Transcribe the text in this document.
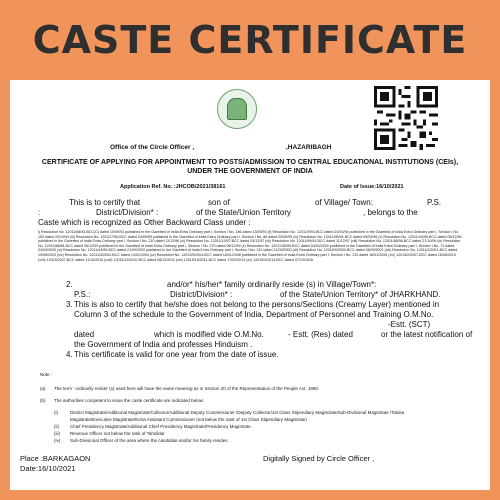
CASTE CERTIFICATE
Office of the Circle Officer ,	,HAZARIBAGH
CERTIFICATE OF APPLYING FOR APPOINTMENT TO POSTS/ADMISSION TO CENTRAL EDUCATIONAL INSTITUTIONS (CEIs), UNDER THE GOVERNMENT OF INDIA
Application Ref. No. :JHCOB/2021/38161	Date of Issue:16/10/2021
This is to certify that	son of	of Village/ Town:	P.S.
:	District/Division* :	of the State/Union Territory	, belongs to the
Caste which is recognized as Other Backward Class under :
i) Resolution No. 12011/68/93-BCC(C) dated 10/09/93 published in the Gazetted of India Extra Ordinary part I, Section I No. 186 dated 13/09/93 (ii) Resolution No. 12011/9/94-BCC dated 19/10/94 published in the Gazetted of India Extra Ordinary part I, Section I No. 163 dated 20/10/94 (iii) Resolution No. 12011/7/95-BCC dated 24/05/95 published in the Gazetted of India Extra Ordinary part I, Section I No. 88 dated 25/05/95 (iv) Resolution No. 12011/96/94-BCC dated 09/03/96 (v) Resolution No. 12011/44/96-BCC dated 05/12/96 published in the Gazetted of India Extra Ordinary part I, Section I No. 210 dated 11/12/96 (vi) Resolution No. 12011/13/97-BCC dated 03/12/97 (vii) Resolution No. 12011/99/94-BCC dated 11/12/97 (viii) Resolution No. 12011/68/98-BCC dated 27/10/99 (ix) Resolution No. 12011/88/98-BCC dated 06/12/99 published in the Gazetted of India Extra Ordinary part I, Section I No. 270 dated 06/12/99 (x) Resolution No. 12011/36/99-BCC dated 04/04/2000 published in the Gazetted of India Extra Ordinary part I, Section I No. 71 dated 04/04/2000 (xi) Resolution No. 12011/44/99-BCC dated 21/09/2000 published in the Gazetted of India Extra Ordinary part I, Section I No. 210 dated 21/09/2000 (xii) Resolution No. 12015/9/2000-BCC dated 06/09/2001 (xiii) Resolution No. 12011/1/2001-BCC dated 19/06/2003 (xiv) Resolution No. 12011/4/2002-BCC dated 13/01/2004 (xv) Resolution No. 12011/9/2004-BCC dated 16/01/2006 published in the Gazetted of India Extra Ordinary part I, Section I No. 210 dated 16/01/2006 (xvi) 12015/2/2007-BCC dated 18/08/2010 (xvii) 12015/2007-BCC dated 11/10/2010 (xviii) 12015/13/2010-BCC dated 08/12/2011 (xix) 12015/15/2011-BCC dated 17/02/2014 (xx) 12015/4/2014-BCC dated 07/10/2016.
2.	and/or* his/her* family ordinarily reside (s) in Village/Town*:
P.S.:	District/Division* :	of the State/Union Territory* of JHARKHAND.
3. This is also to certify that he/she does not belong to the persons/Sections (Creamy Layer) mentioned in Column 3 of the schedule to the Government of India, Department of Personnel and Training O.M.No.
-Estt. (SCT)
dated	which is modified vide O.M.No.	- Estt. (Res) dated	or the latest notification of
the Government of India and professes Hinduism .
4. This certificate is valid for one year from the date of issue.
Note :
(a) The term ' ordinarily reside' (s) used here will have the same meaning as in Section 20 of the Representation of the People Act, 1950.
(b) The authorities competent to issue the caste certificate are indicated below:
(i)	District Magistrate/Additional Magistrate/Collector/Additional Deputy Commissioner /Deputy Collector/1st Class Stipendiary Magistrate/Sub-Divisional Magistrate /Taluka
Magistrate/Executive Magistrate/Extra Assistant Commissioner (not below the rank of 1st Class Stipendiary Magistrate)
(ii) Chief Presidency Magistrate/Additional Chief Presidency Magistrate/Presidency Magistrate.
(iii) Revenue Officer not below the rank of Tahsildar
(iv) Sub-Divisional Officer of the area where the candidate and/or his family resides.
Place :BARKAGAON
Date:16/10/2021
Digitally Signed by Circle Officer ,
